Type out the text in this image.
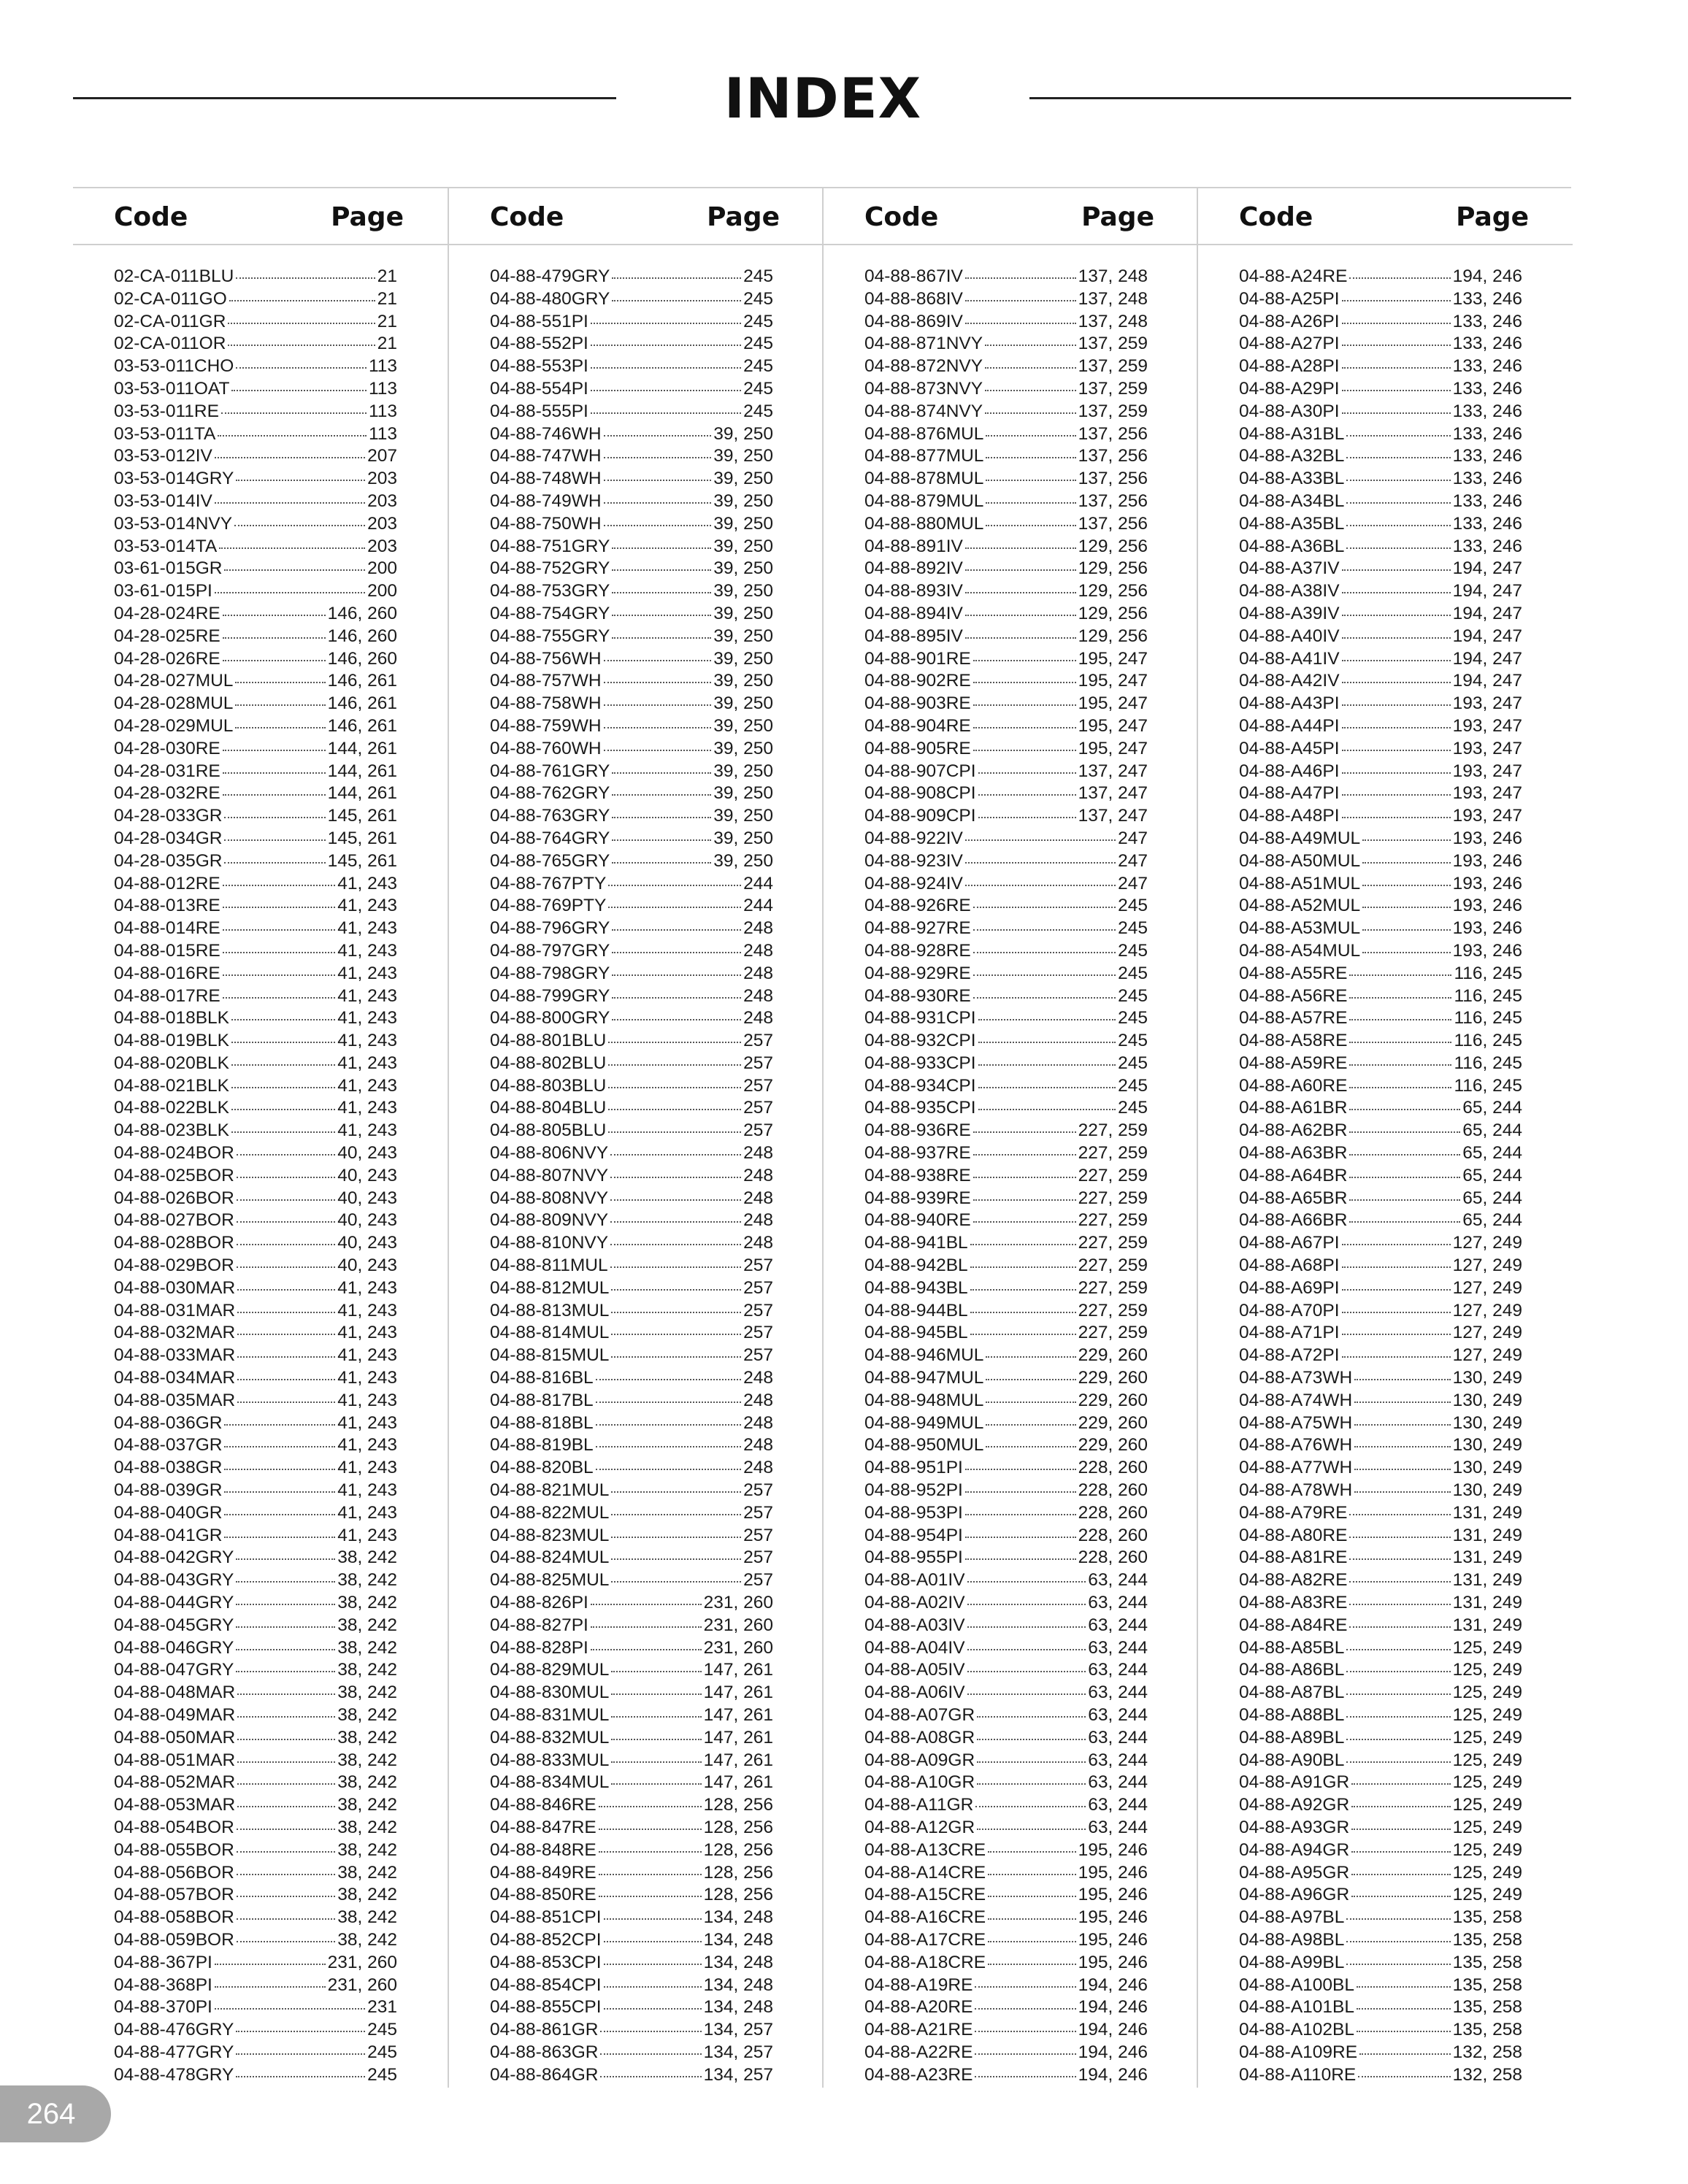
INDEX
Code	Page
02-CA-011BLU	21
02-CA-011GO	21
02-CA-011GR	21
02-CA-011OR	21
03-53-011CHO	113
03-53-011OAT	113
03-53-011RE	113
03-53-011TA	113
03-53-012IV	207
03-53-014GRY	203
03-53-014IV	203
03-53-014NVY	203
03-53-014TA	203
03-61-015GR	200
03-61-015PI	200
04-28-024RE	146, 260
04-28-025RE	146, 260
04-28-026RE	146, 260
04-28-027MUL	146, 261
04-28-028MUL	146, 261
04-28-029MUL	146, 261
04-28-030RE	144, 261
04-28-031RE	144, 261
04-28-032RE	144, 261
04-28-033GR	145, 261
04-28-034GR	145, 261
04-28-035GR	145, 261
04-88-012RE	41, 243
04-88-013RE	41, 243
04-88-014RE	41, 243
04-88-015RE	41, 243
04-88-016RE	41, 243
04-88-017RE	41, 243
04-88-018BLK	41, 243
04-88-019BLK	41, 243
04-88-020BLK	41, 243
04-88-021BLK	41, 243
04-88-022BLK	41, 243
04-88-023BLK	41, 243
04-88-024BOR	40, 243
04-88-025BOR	40, 243
04-88-026BOR	40, 243
04-88-027BOR	40, 243
04-88-028BOR	40, 243
04-88-029BOR	40, 243
04-88-030MAR	41, 243
04-88-031MAR	41, 243
04-88-032MAR	41, 243
04-88-033MAR	41, 243
04-88-034MAR	41, 243
04-88-035MAR	41, 243
04-88-036GR	41, 243
04-88-037GR	41, 243
04-88-038GR	41, 243
04-88-039GR	41, 243
04-88-040GR	41, 243
04-88-041GR	41, 243
04-88-042GRY	38, 242
04-88-043GRY	38, 242
04-88-044GRY	38, 242
04-88-045GRY	38, 242
04-88-046GRY	38, 242
04-88-047GRY	38, 242
04-88-048MAR	38, 242
04-88-049MAR	38, 242
04-88-050MAR	38, 242
04-88-051MAR	38, 242
04-88-052MAR	38, 242
04-88-053MAR	38, 242
04-88-054BOR	38, 242
04-88-055BOR	38, 242
04-88-056BOR	38, 242
04-88-057BOR	38, 242
04-88-058BOR	38, 242
04-88-059BOR	38, 242
04-88-367PI	231, 260
04-88-368PI	231, 260
04-88-370PI	231
04-88-476GRY	245
04-88-477GRY	245
04-88-478GRY	245
Code	Page
04-88-479GRY	245
04-88-480GRY	245
04-88-551PI	245
04-88-552PI	245
04-88-553PI	245
04-88-554PI	245
04-88-555PI	245
04-88-746WH	39, 250
04-88-747WH	39, 250
04-88-748WH	39, 250
04-88-749WH	39, 250
04-88-750WH	39, 250
04-88-751GRY	39, 250
04-88-752GRY	39, 250
04-88-753GRY	39, 250
04-88-754GRY	39, 250
04-88-755GRY	39, 250
04-88-756WH	39, 250
04-88-757WH	39, 250
04-88-758WH	39, 250
04-88-759WH	39, 250
04-88-760WH	39, 250
04-88-761GRY	39, 250
04-88-762GRY	39, 250
04-88-763GRY	39, 250
04-88-764GRY	39, 250
04-88-765GRY	39, 250
04-88-767PTY	244
04-88-769PTY	244
04-88-796GRY	248
04-88-797GRY	248
04-88-798GRY	248
04-88-799GRY	248
04-88-800GRY	248
04-88-801BLU	257
04-88-802BLU	257
04-88-803BLU	257
04-88-804BLU	257
04-88-805BLU	257
04-88-806NVY	248
04-88-807NVY	248
04-88-808NVY	248
04-88-809NVY	248
04-88-810NVY	248
04-88-811MUL	257
04-88-812MUL	257
04-88-813MUL	257
04-88-814MUL	257
04-88-815MUL	257
04-88-816BL	248
04-88-817BL	248
04-88-818BL	248
04-88-819BL	248
04-88-820BL	248
04-88-821MUL	257
04-88-822MUL	257
04-88-823MUL	257
04-88-824MUL	257
04-88-825MUL	257
04-88-826PI	231, 260
04-88-827PI	231, 260
04-88-828PI	231, 260
04-88-829MUL	147, 261
04-88-830MUL	147, 261
04-88-831MUL	147, 261
04-88-832MUL	147, 261
04-88-833MUL	147, 261
04-88-834MUL	147, 261
04-88-846RE	128, 256
04-88-847RE	128, 256
04-88-848RE	128, 256
04-88-849RE	128, 256
04-88-850RE	128, 256
04-88-851CPI	134, 248
04-88-852CPI	134, 248
04-88-853CPI	134, 248
04-88-854CPI	134, 248
04-88-855CPI	134, 248
04-88-861GR	134, 257
04-88-863GR	134, 257
04-88-864GR	134, 257
Code	Page
04-88-867IV	137, 248
04-88-868IV	137, 248
04-88-869IV	137, 248
04-88-871NVY	137, 259
04-88-872NVY	137, 259
04-88-873NVY	137, 259
04-88-874NVY	137, 259
04-88-876MUL	137, 256
04-88-877MUL	137, 256
04-88-878MUL	137, 256
04-88-879MUL	137, 256
04-88-880MUL	137, 256
04-88-891IV	129, 256
04-88-892IV	129, 256
04-88-893IV	129, 256
04-88-894IV	129, 256
04-88-895IV	129, 256
04-88-901RE	195, 247
04-88-902RE	195, 247
04-88-903RE	195, 247
04-88-904RE	195, 247
04-88-905RE	195, 247
04-88-907CPI	137, 247
04-88-908CPI	137, 247
04-88-909CPI	137, 247
04-88-922IV	247
04-88-923IV	247
04-88-924IV	247
04-88-926RE	245
04-88-927RE	245
04-88-928RE	245
04-88-929RE	245
04-88-930RE	245
04-88-931CPI	245
04-88-932CPI	245
04-88-933CPI	245
04-88-934CPI	245
04-88-935CPI	245
04-88-936RE	227, 259
04-88-937RE	227, 259
04-88-938RE	227, 259
04-88-939RE	227, 259
04-88-940RE	227, 259
04-88-941BL	227, 259
04-88-942BL	227, 259
04-88-943BL	227, 259
04-88-944BL	227, 259
04-88-945BL	227, 259
04-88-946MUL	229, 260
04-88-947MUL	229, 260
04-88-948MUL	229, 260
04-88-949MUL	229, 260
04-88-950MUL	229, 260
04-88-951PI	228, 260
04-88-952PI	228, 260
04-88-953PI	228, 260
04-88-954PI	228, 260
04-88-955PI	228, 260
04-88-A01IV	63, 244
04-88-A02IV	63, 244
04-88-A03IV	63, 244
04-88-A04IV	63, 244
04-88-A05IV	63, 244
04-88-A06IV	63, 244
04-88-A07GR	63, 244
04-88-A08GR	63, 244
04-88-A09GR	63, 244
04-88-A10GR	63, 244
04-88-A11GR	63, 244
04-88-A12GR	63, 244
04-88-A13CRE	195, 246
04-88-A14CRE	195, 246
04-88-A15CRE	195, 246
04-88-A16CRE	195, 246
04-88-A17CRE	195, 246
04-88-A18CRE	195, 246
04-88-A19RE	194, 246
04-88-A20RE	194, 246
04-88-A21RE	194, 246
04-88-A22RE	194, 246
04-88-A23RE	194, 246
Code	Page
04-88-A24RE	194, 246
04-88-A25PI	133, 246
04-88-A26PI	133, 246
04-88-A27PI	133, 246
04-88-A28PI	133, 246
04-88-A29PI	133, 246
04-88-A30PI	133, 246
04-88-A31BL	133, 246
04-88-A32BL	133, 246
04-88-A33BL	133, 246
04-88-A34BL	133, 246
04-88-A35BL	133, 246
04-88-A36BL	133, 246
04-88-A37IV	194, 247
04-88-A38IV	194, 247
04-88-A39IV	194, 247
04-88-A40IV	194, 247
04-88-A41IV	194, 247
04-88-A42IV	194, 247
04-88-A43PI	193, 247
04-88-A44PI	193, 247
04-88-A45PI	193, 247
04-88-A46PI	193, 247
04-88-A47PI	193, 247
04-88-A48PI	193, 247
04-88-A49MUL	193, 246
04-88-A50MUL	193, 246
04-88-A51MUL	193, 246
04-88-A52MUL	193, 246
04-88-A53MUL	193, 246
04-88-A54MUL	193, 246
04-88-A55RE	116, 245
04-88-A56RE	116, 245
04-88-A57RE	116, 245
04-88-A58RE	116, 245
04-88-A59RE	116, 245
04-88-A60RE	116, 245
04-88-A61BR	65, 244
04-88-A62BR	65, 244
04-88-A63BR	65, 244
04-88-A64BR	65, 244
04-88-A65BR	65, 244
04-88-A66BR	65, 244
04-88-A67PI	127, 249
04-88-A68PI	127, 249
04-88-A69PI	127, 249
04-88-A70PI	127, 249
04-88-A71PI	127, 249
04-88-A72PI	127, 249
04-88-A73WH	130, 249
04-88-A74WH	130, 249
04-88-A75WH	130, 249
04-88-A76WH	130, 249
04-88-A77WH	130, 249
04-88-A78WH	130, 249
04-88-A79RE	131, 249
04-88-A80RE	131, 249
04-88-A81RE	131, 249
04-88-A82RE	131, 249
04-88-A83RE	131, 249
04-88-A84RE	131, 249
04-88-A85BL	125, 249
04-88-A86BL	125, 249
04-88-A87BL	125, 249
04-88-A88BL	125, 249
04-88-A89BL	125, 249
04-88-A90BL	125, 249
04-88-A91GR	125, 249
04-88-A92GR	125, 249
04-88-A93GR	125, 249
04-88-A94GR	125, 249
04-88-A95GR	125, 249
04-88-A96GR	125, 249
04-88-A97BL	135, 258
04-88-A98BL	135, 258
04-88-A99BL	135, 258
04-88-A100BL	135, 258
04-88-A101BL	135, 258
04-88-A102BL	135, 258
04-88-A109RE	132, 258
04-88-A110RE	132, 258
264
